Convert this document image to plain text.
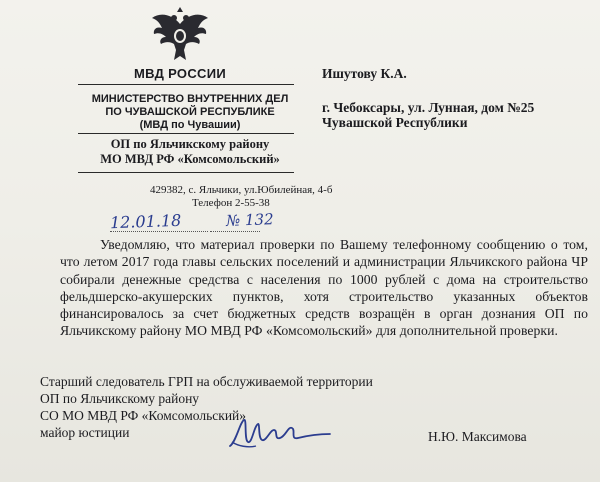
МВД РОССИИ
МИНИСТЕРСТВО ВНУТРЕННИХ ДЕЛ
ПО ЧУВАШСКОЙ РЕСПУБЛИКЕ
(МВД по Чувашии)
ОП по Яльчикскому району
МО МВД РФ «Комсомольский»
429382, с. Яльчики, ул.Юбилейная, 4-б
Телефон 2-55-38
12.01.18	№ 132
Ишутову К.А.
г. Чебоксары, ул. Лунная, дом №25
Чувашской Республики
Уведомляю, что материал проверки по Вашему телефонному сообщению о том, что летом 2017 года главы сельских поселений и администрации Яльчикского района ЧР собирали денежные средства с населения по 1000 рублей с дома на строительство фельдшерско-акушерских пунктов, хотя строительство указанных объектов финансировалось за счет бюджетных средств возращён в орган дознания ОП по Яльчикскому району МО МВД РФ «Комсомольский» для дополнительной проверки.
Старший следователь ГРП на обслуживаемой территории
ОП по Яльчикскому району
СО МО МВД РФ «Комсомольский»
майор юстиции	Н.Ю. Максимова
